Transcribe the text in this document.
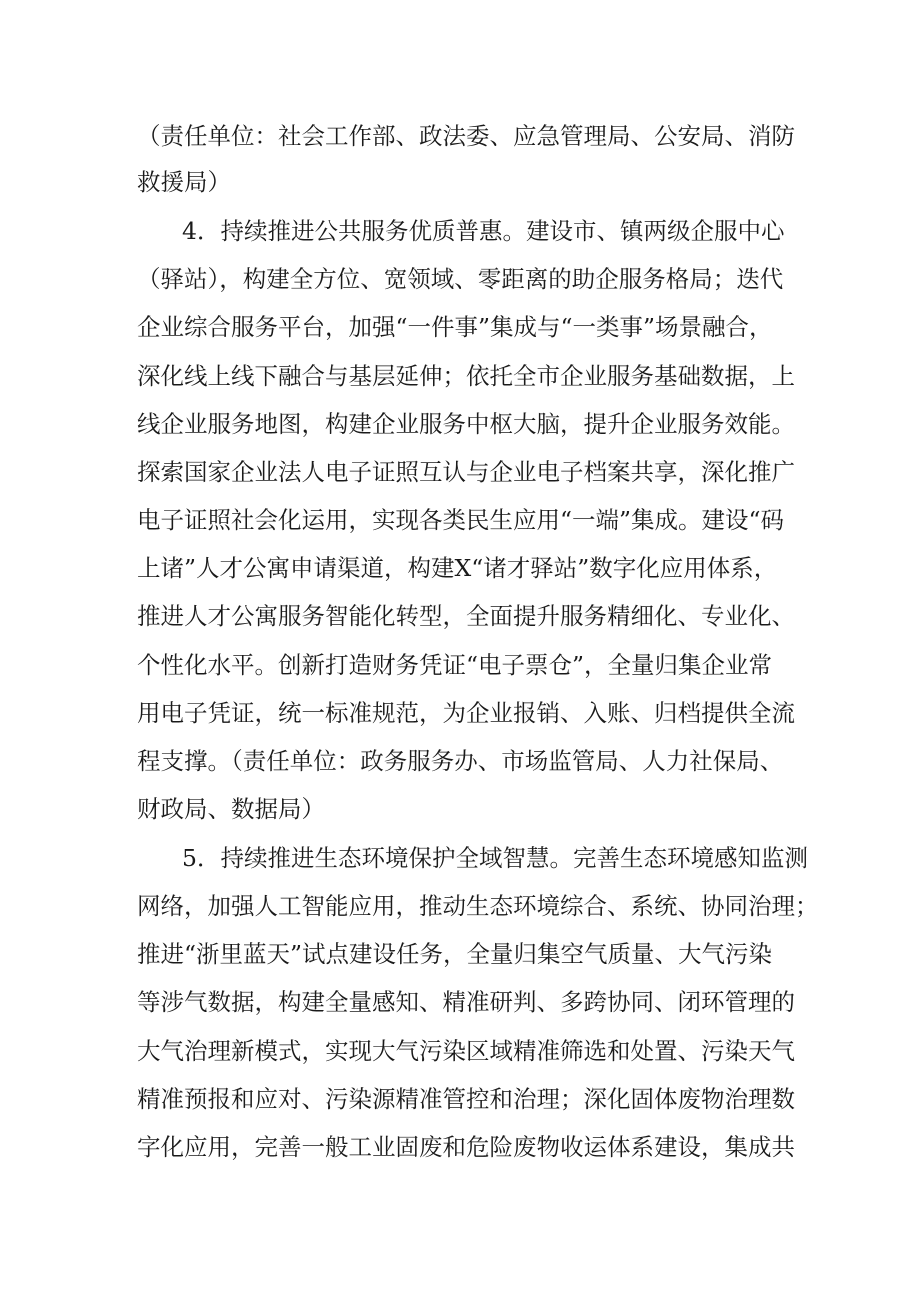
（责任单位：社会工作部、政法委、应急管理局、公安局、消防
救援局）
4．持续推进公共服务优质普惠。建设市、镇两级企服中心
（驿站），构建全方位、宽领域、零距离的助企服务格局；迭代
企业综合服务平台，加强“一件事”集成与“一类事”场景融合，
深化线上线下融合与基层延伸；依托全市企业服务基础数据，上
线企业服务地图，构建企业服务中枢大脑，提升企业服务效能。
探索国家企业法人电子证照互认与企业电子档案共享，深化推广
电子证照社会化运用，实现各类民生应用“一端”集成。建设“码
上诸”人才公寓申请渠道，构建X“诸才驿站”数字化应用体系，
推进人才公寓服务智能化转型，全面提升服务精细化、专业化、
个性化水平。创新打造财务凭证“电子票仓”，全量归集企业常
用电子凭证，统一标准规范，为企业报销、入账、归档提供全流
程支撑。（责任单位：政务服务办、市场监管局、人力社保局、
财政局、数据局）
5．持续推进生态环境保护全域智慧。完善生态环境感知监测
网络，加强人工智能应用，推动生态环境综合、系统、协同治理；
推进“浙里蓝天”试点建设任务，全量归集空气质量、大气污染
等涉气数据，构建全量感知、精准研判、多跨协同、闭环管理的
大气治理新模式，实现大气污染区域精准筛选和处置、污染天气
精准预报和应对、污染源精准管控和治理；深化固体废物治理数
字化应用，完善一般工业固废和危险废物收运体系建设，集成共
